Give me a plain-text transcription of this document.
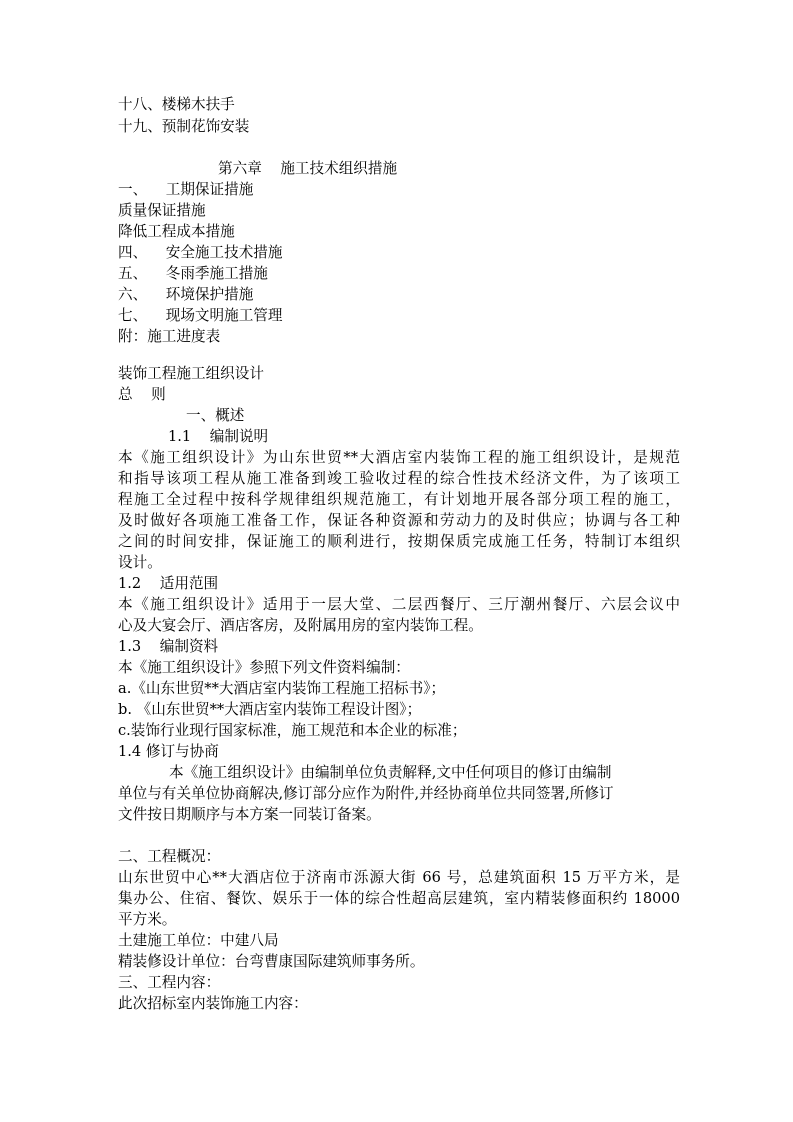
十八、楼梯木扶手
十九、预制花饰安装
第六章    施工技术组织措施
一、    工期保证措施
质量保证措施
降低工程成本措施
四、    安全施工技术措施
五、    冬雨季施工措施
六、    环境保护措施
七、    现场文明施工管理
附：施工进度表
装饰工程施工组织设计
总    则
一、概述
1.1    编制说明
本《施工组织设计》为山东世贸**大酒店室内装饰工程的施工组织设计，是规范
和指导该项工程从施工准备到竣工验收过程的综合性技术经济文件，为了该项工
程施工全过程中按科学规律组织规范施工，有计划地开展各部分项工程的施工，
及时做好各项施工准备工作，保证各种资源和劳动力的及时供应；协调与各工种
之间的时间安排，保证施工的顺利进行，按期保质完成施工任务，特制订本组织
设计。
1.2    适用范围
本《施工组织设计》适用于一层大堂、二层西餐厅、三厅潮州餐厅、六层会议中
心及大宴会厅、酒店客房，及附属用房的室内装饰工程。
1.3    编制资料
本《施工组织设计》参照下列文件资料编制：
a.《山东世贸**大酒店室内装饰工程施工招标书》；
b. 《山东世贸**大酒店室内装饰工程设计图》；
c.装饰行业现行国家标准，施工规范和本企业的标准；
1.4 修订与协商
本《施工组织设计》由编制单位负责解释,文中任何项目的修订由编制
单位与有关单位协商解决,修订部分应作为附件,并经协商单位共同签署,所修订
文件按日期顺序与本方案一同装订备案。
二、工程概况：
山东世贸中心**大酒店位于济南市泺源大街 66 号，总建筑面积 15 万平方米，是
集办公、住宿、餐饮、娱乐于一体的综合性超高层建筑，室内精装修面积约 18000
平方米。
土建施工单位：中建八局
精装修设计单位：台弯曹康国际建筑师事务所。
三、工程内容：
此次招标室内装饰施工内容：
